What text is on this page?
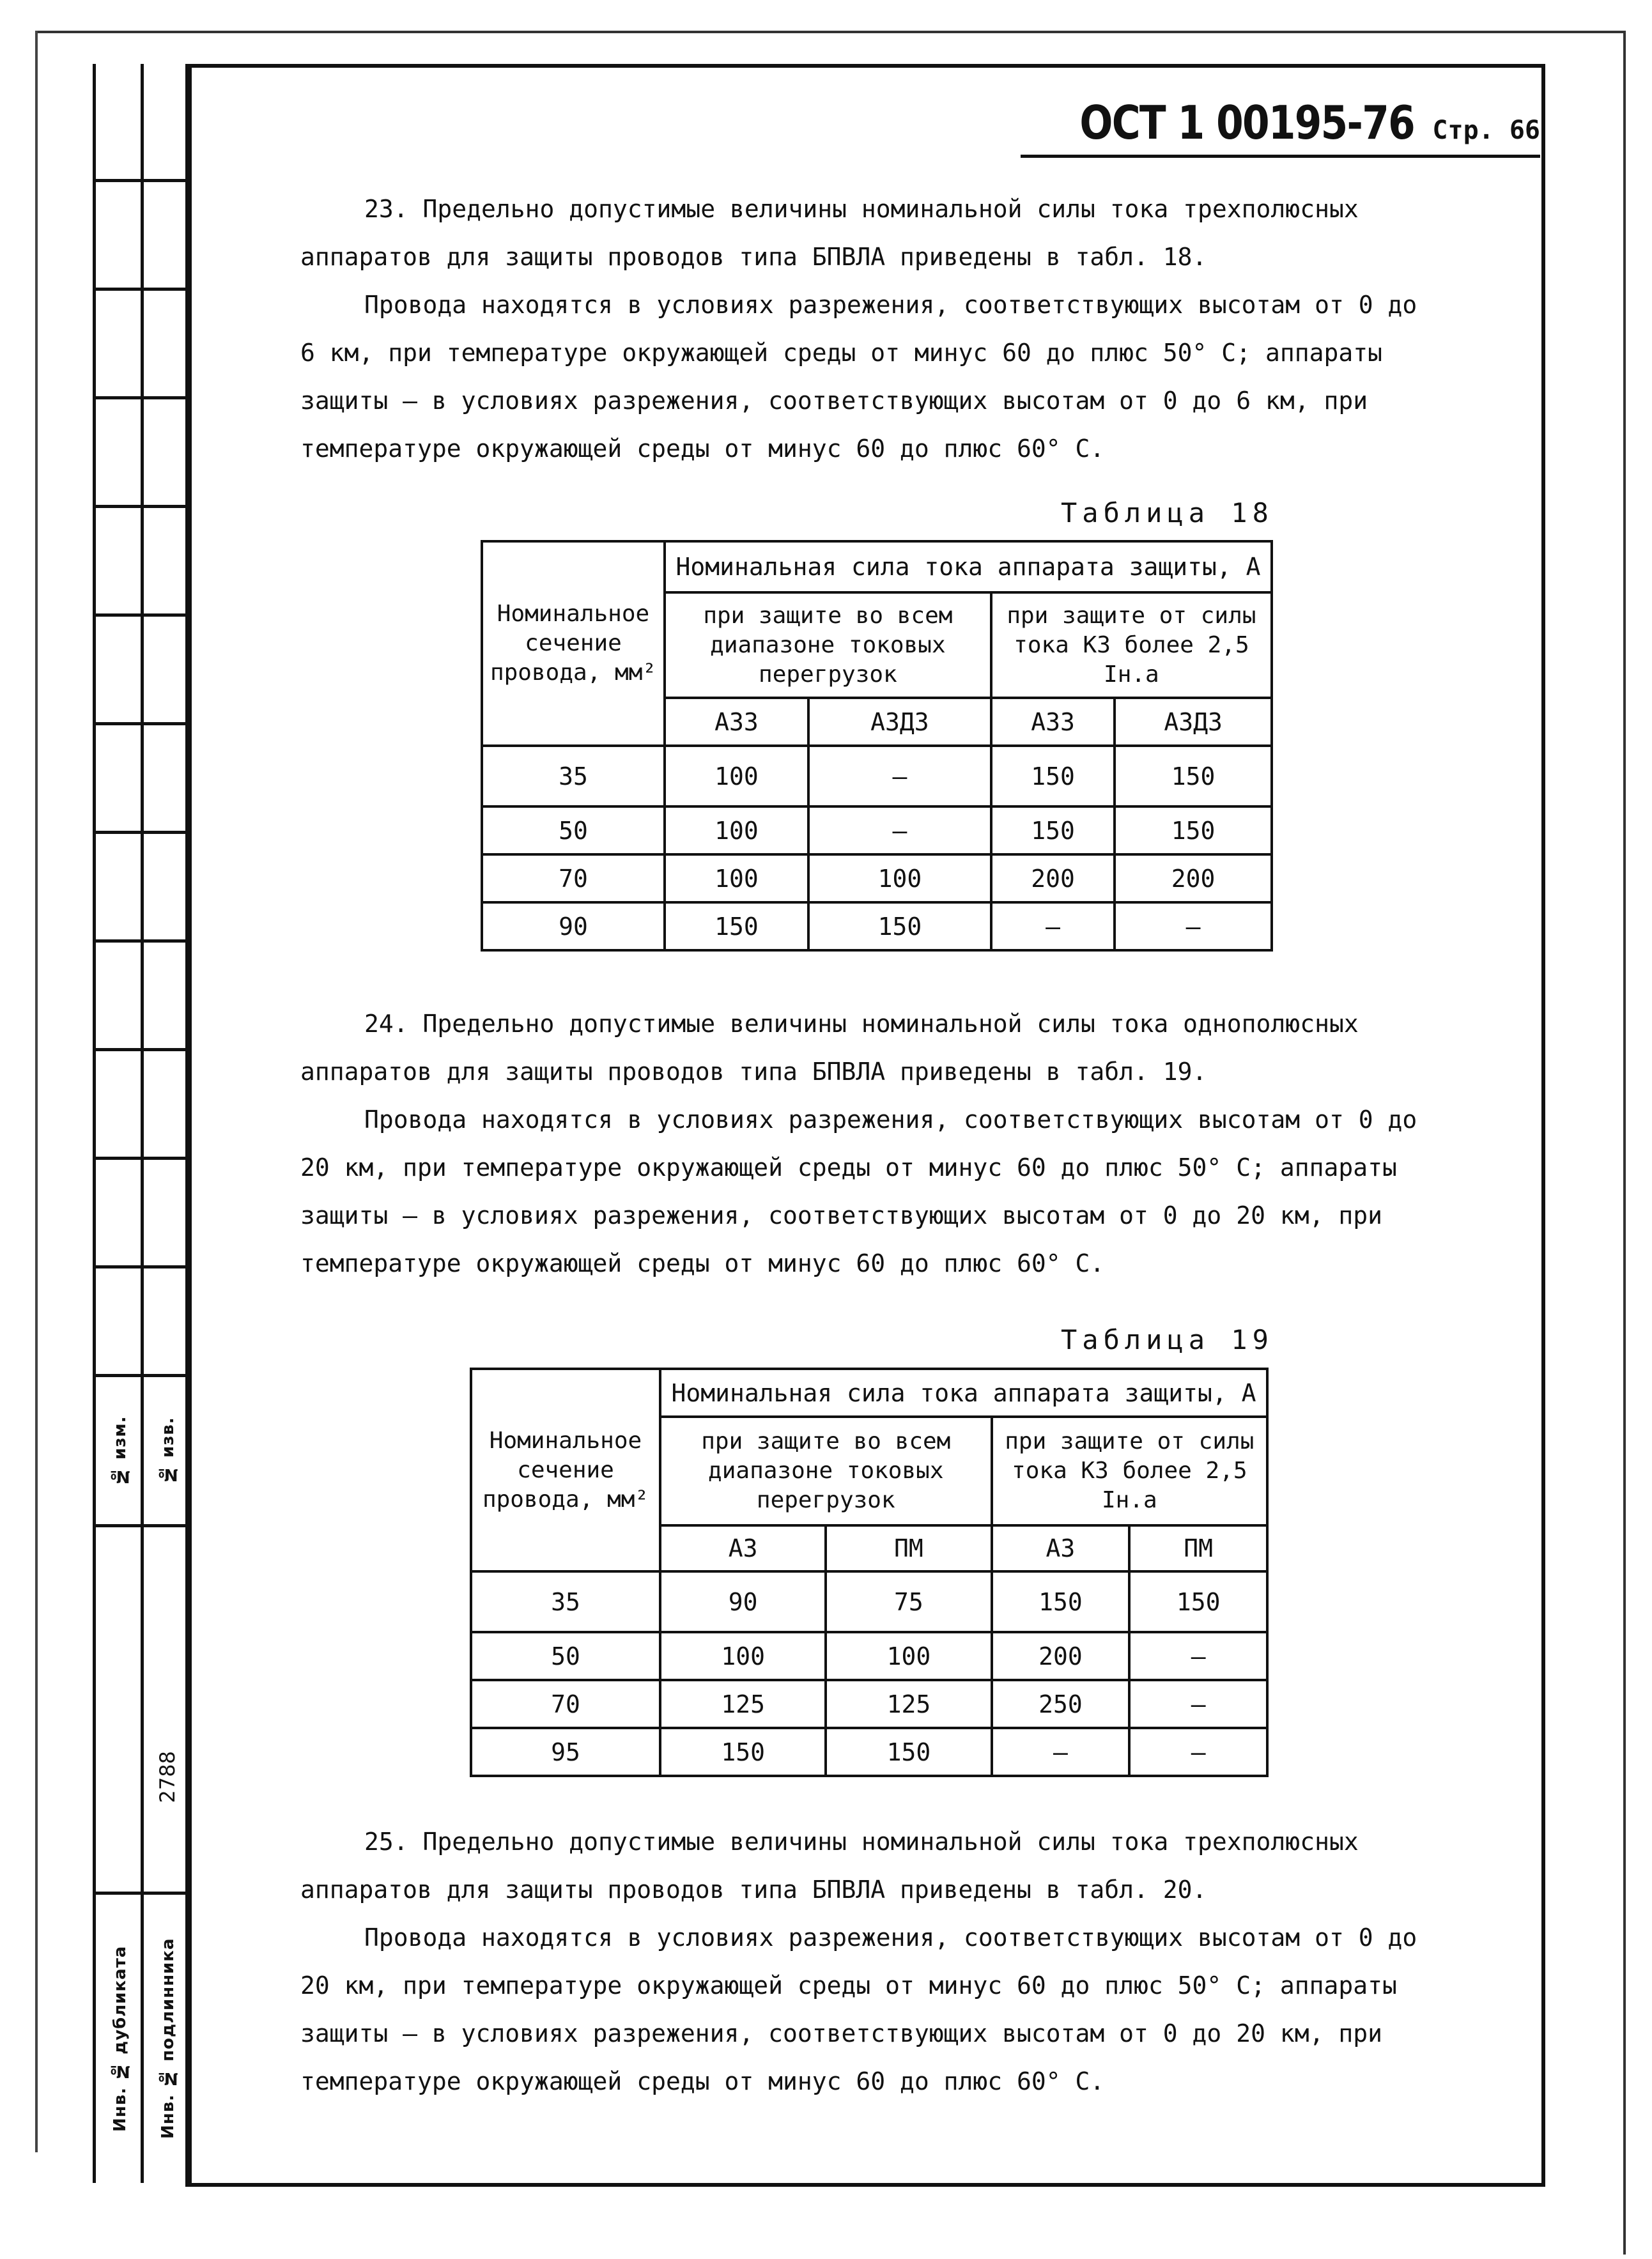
№ изм.
Инв. № дубликата
№ изв.
2788
Инв. № подлинника
ОСТ 1 00195-76 Стр. 66

23. Предельно допустимые величины номинальной силы тока трехполюсных аппаратов для защиты проводов типа БПВЛА приведены в табл. 18.

Провода находятся в условиях разрежения, соответствующих высотам от 0 до 6 км, при температуре окружающей среды от минус 60 до плюс 50° С; аппараты защиты – в условиях разрежения, соответствующих высотам от 0 до 6 км, при температуре окружающей среды от минус 60 до плюс 60° С.

Таблица 18
Номинальное сечение провода, мм²	Номинальная сила тока аппарата защиты, А			
	при защите во всем диапазоне токовых перегрузок		при защите от силы тока КЗ более 2,5 Iн.а	
	АЗЗ	АЗДЗ	АЗЗ	АЗДЗ
35	100	–	150	150
50	100	–	150	150
70	100	100	200	200
90	150	150	–	–

24. Предельно допустимые величины номинальной силы тока однополюсных аппаратов для защиты проводов типа БПВЛА приведены в табл. 19.

Провода находятся в условиях разрежения, соответствующих высотам от 0 до 20 км, при температуре окружающей среды от минус 60 до плюс 50° С; аппараты защиты – в условиях разрежения, соответствующих высотам от 0 до 20 км, при температуре окружающей среды от минус 60 до плюс 60° С.

Таблица 19
Номинальное сечение провода, мм²	Номинальная сила тока аппарата защиты, А			
	при защите во всем диапазоне токовых перегрузок		при защите от силы тока КЗ более 2,5 Iн.а	
	АЗ	ПМ	АЗ	ПМ
35	90	75	150	150
50	100	100	200	–
70	125	125	250	–
95	150	150	–	–

25. Предельно допустимые величины номинальной силы тока трехполюсных аппаратов для защиты проводов типа БПВЛА приведены в табл. 20.

Провода находятся в условиях разрежения, соответствующих высотам от 0 до 20 км, при температуре окружающей среды от минус 60 до плюс 50° С; аппараты защиты – в условиях разрежения, соответствующих высотам от 0 до 20 км, при температуре окружающей среды от минус 60 до плюс 60° С.
